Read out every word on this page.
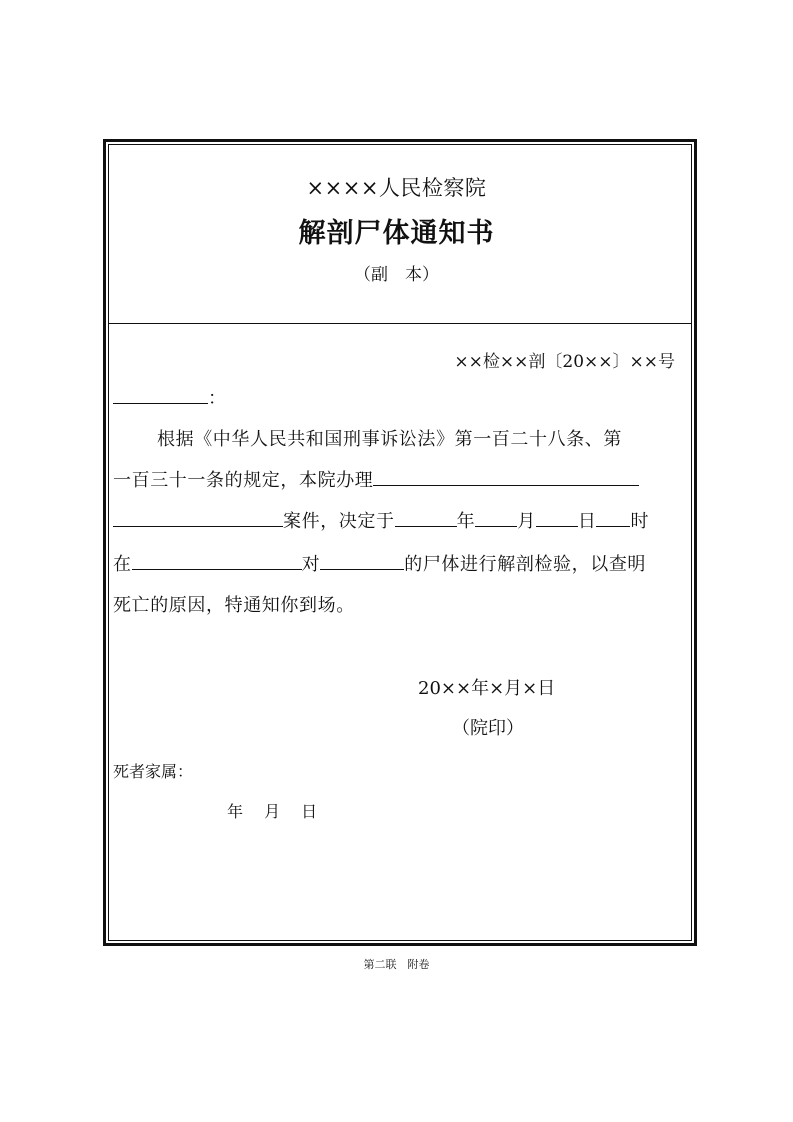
××××人民检察院
解剖尸体通知书
（副　本）
××检××剖〔20××〕××号
：
根据《中华人民共和国刑事诉讼法》第一百二十八条、第
一百三十一条的规定，本院办理
案件，决定于	年 月 日 时
在	对	的尸体进行解剖检验，以查明
死亡的原因，特通知你到场。
20××年×月×日
（院印）
死者家属：
年　 月　 日
第二联　附卷
